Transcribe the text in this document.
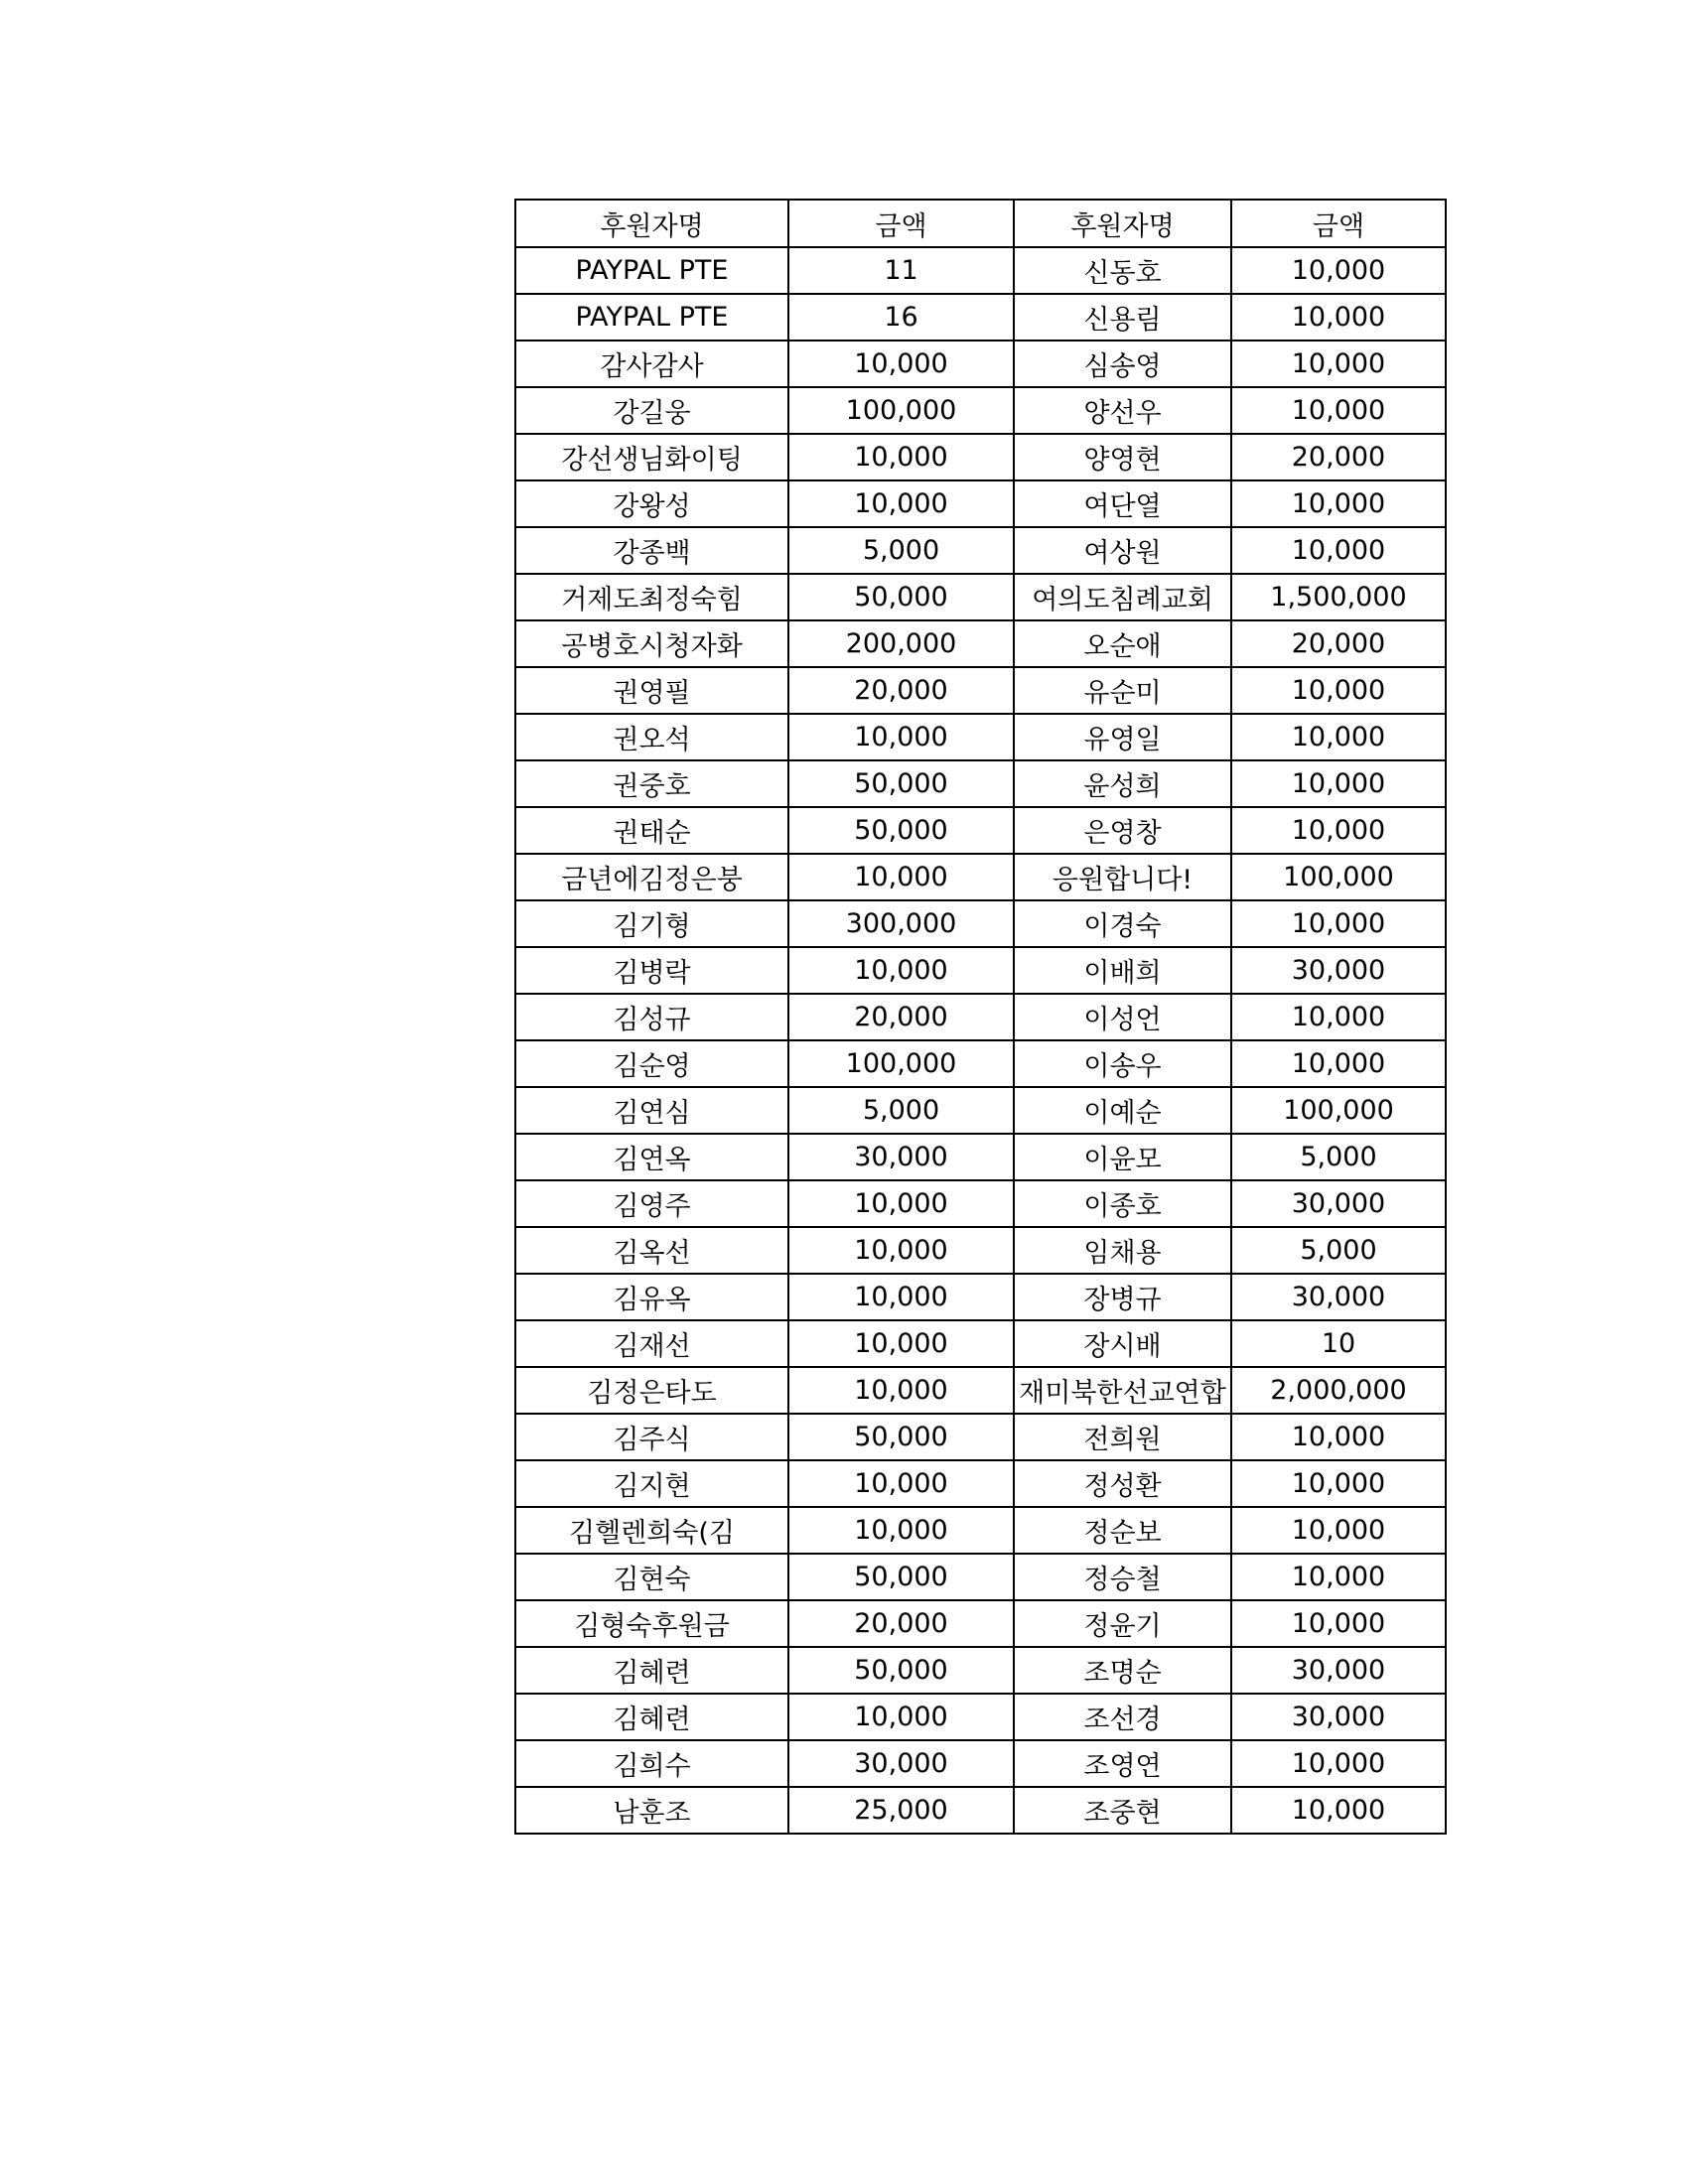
후원자명	금액	후원자명	금액
PAYPAL PTE	11	신동호	10,000
PAYPAL PTE	16	신용림	10,000
감사감사	10,000	심송영	10,000
강길웅	100,000	양선우	10,000
강선생님화이팅	10,000	양영현	20,000
강왕성	10,000	여단열	10,000
강종백	5,000	여상원	10,000
거제도최정숙힘	50,000	여의도침례교회	1,500,000
공병호시청자화	200,000	오순애	20,000
권영필	20,000	유순미	10,000
권오석	10,000	유영일	10,000
권중호	50,000	윤성희	10,000
권태순	50,000	은영창	10,000
금년에김정은붕	10,000	응원합니다!	100,000
김기형	300,000	이경숙	10,000
김병락	10,000	이배희	30,000
김성규	20,000	이성언	10,000
김순영	100,000	이송우	10,000
김연심	5,000	이예순	100,000
김연옥	30,000	이윤모	5,000
김영주	10,000	이종호	30,000
김옥선	10,000	임채용	5,000
김유옥	10,000	장병규	30,000
김재선	10,000	장시배	10
김정은타도	10,000	재미북한선교연합	2,000,000
김주식	50,000	전희원	10,000
김지현	10,000	정성환	10,000
김헬렌희숙(김	10,000	정순보	10,000
김현숙	50,000	정승철	10,000
김형숙후원금	20,000	정윤기	10,000
김혜련	50,000	조명순	30,000
김혜련	10,000	조선경	30,000
김희수	30,000	조영연	10,000
남훈조	25,000	조중현	10,000
